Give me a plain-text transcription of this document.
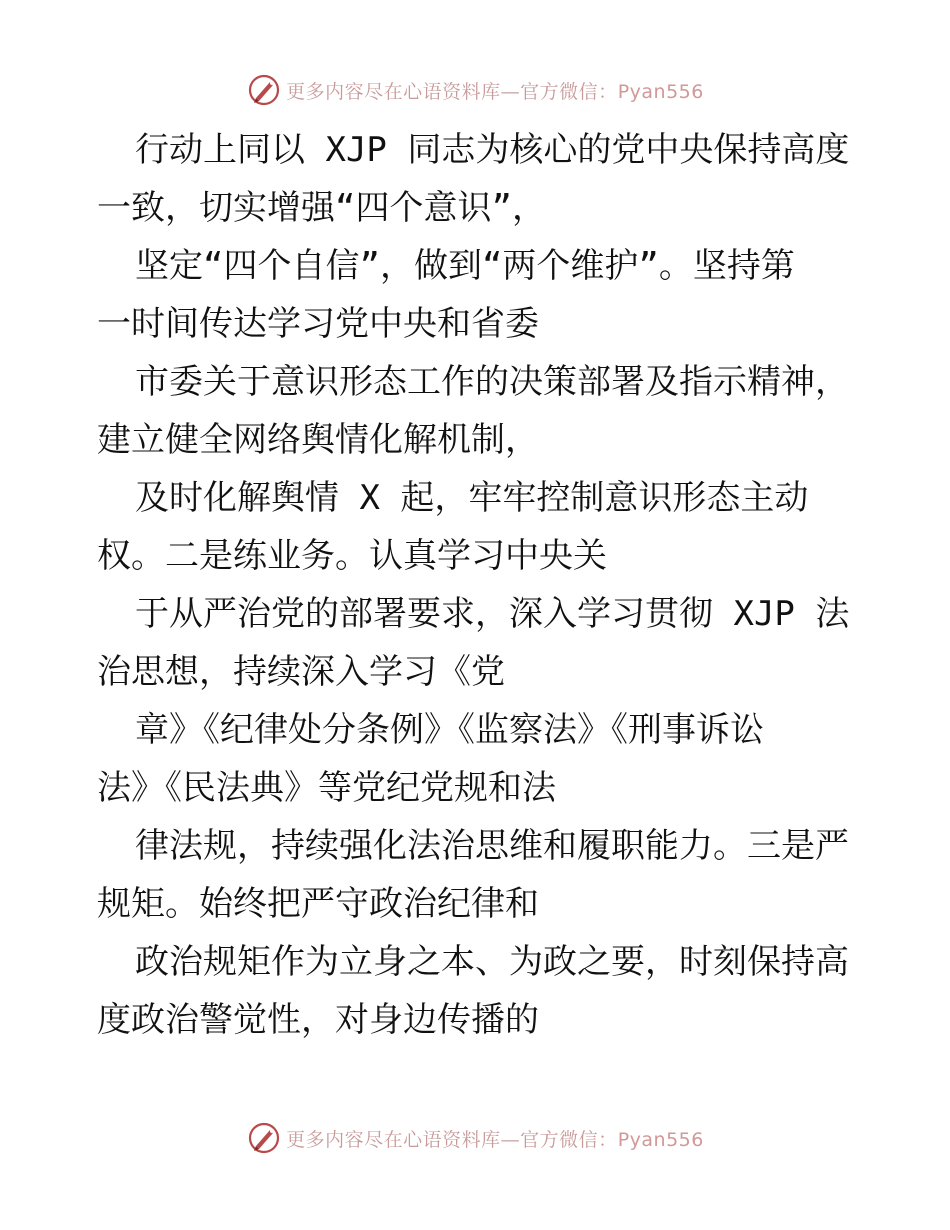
更多内容尽在心语资料库—官方微信：Pyan556
行动上同以 XJP 同志为核心的党中央保持高度
一致，切实增强“四个意识”，
坚定“四个自信”，做到“两个维护”。坚持第
一时间传达学习党中央和省委
市委关于意识形态工作的决策部署及指示精神，
建立健全网络舆情化解机制，
及时化解舆情 X 起，牢牢控制意识形态主动
权。二是练业务。认真学习中央关
于从严治党的部署要求，深入学习贯彻 XJP 法
治思想，持续深入学习《党
章》《纪律处分条例》《监察法》《刑事诉讼
法》《民法典》等党纪党规和法
律法规，持续强化法治思维和履职能力。三是严
规矩。始终把严守政治纪律和
政治规矩作为立身之本、为政之要，时刻保持高
度政治警觉性，对身边传播的
更多内容尽在心语资料库—官方微信：Pyan556
